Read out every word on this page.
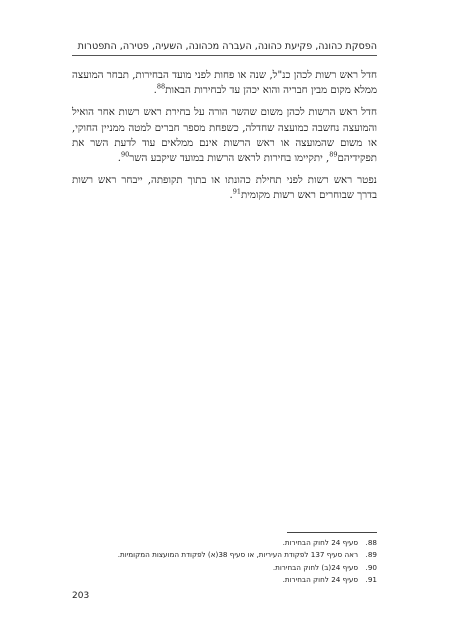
הפסקת כהונה, פקיעת כהונה, העברה מכהונה, השעיה, פטירה, התפטרות

חדל ראש רשות לכהן כנ"ל, שנה או פחות לפני מועד הבחירות, תבחר המועצה ממלא מקום מבין חבריה והוא יכהן עד לבחירות הבאות$^{88}$.

חדל ראש הרשות לכהן משום שהשר הורה על בחירת ראש רשות אחר הואיל והמועצה נחשבה כמועצה שחדלה, כשפחת מספר חברים למטה ממניין החוקי, או משום שהמועצה או ראש הרשות אינם ממלאים עוד לדעת השר את תפקידיהם$^{89}$, יתקיימו בחירות לראש הרשות במועד שיקבע השר$^{90}$.

נפטר ראש רשות לפני תחילת כהונתו או בתוך תקופתה, ייבחר ראש רשות בדרך שבוחרים ראש רשות מקומית$^{91}$.

88.
סעיף 24 לחוק הבחירות.
89.
ראה סעיף 137 לפקודת העיריות, או סעיף 38(א) לפקודת המועצות המקומיות.
90.
סעיף 24(ב) לחוק הבחירות.
91.
סעיף 24 לחוק הבחירות.
203
